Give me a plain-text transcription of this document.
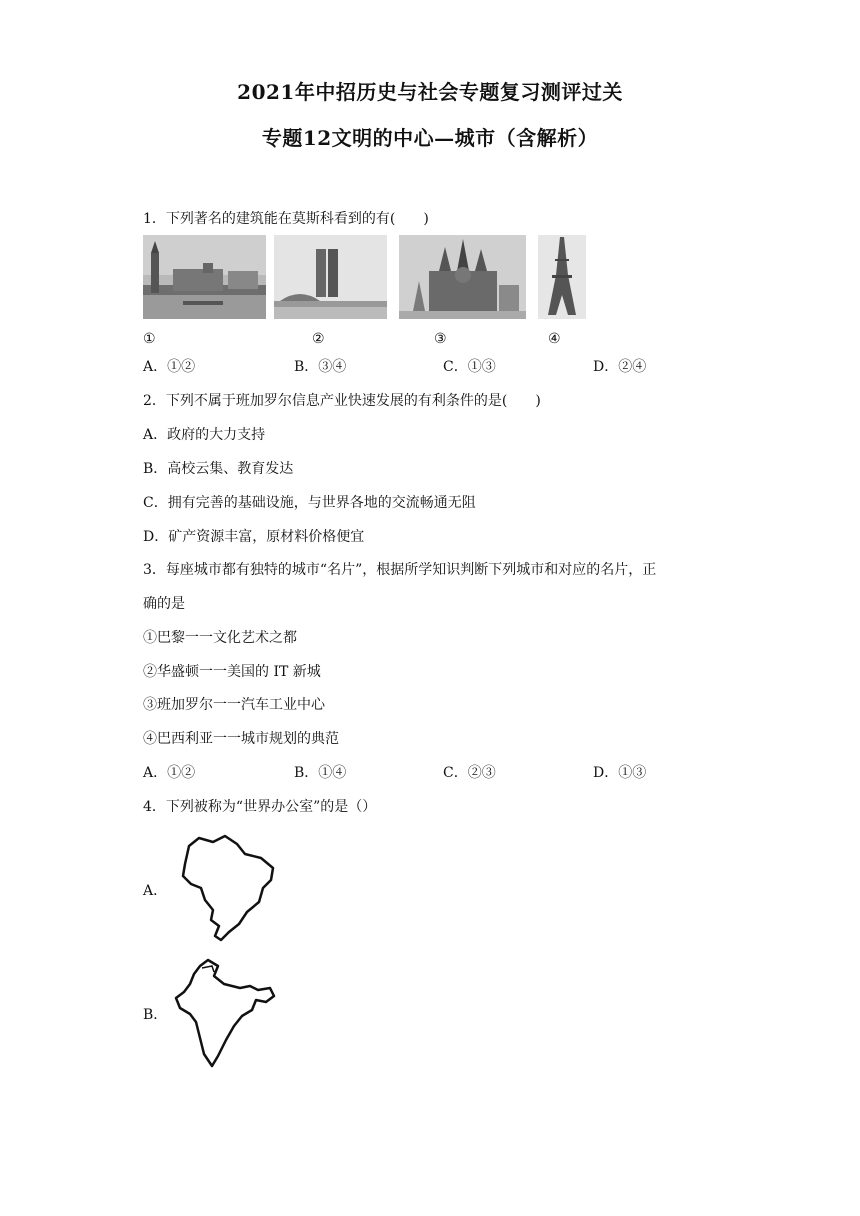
2021年中招历史与社会专题复习测评过关
专题12文明的中心—城市（含解析）
1．下列著名的建筑能在莫斯科看到的有(　　)
①	②	③	④
A．①②	B．③④	C．①③	D．②④
2．下列不属于班加罗尔信息产业快速发展的有利条件的是(　　)
A．政府的大力支持
B．高校云集、教育发达
C．拥有完善的基础设施，与世界各地的交流畅通无阻
D．矿产资源丰富，原材料价格便宜
3．每座城市都有独特的城市“名片”，根据所学知识判断下列城市和对应的名片，正
确的是
①巴黎一一文化艺术之都
②华盛顿一一美国的 IT 新城
③班加罗尔一一汽车工业中心
④巴西利亚一一城市规划的典范
A．①②	B．①④	C．②③	D．①③
4．下列被称为“世界办公室”的是（）
A．
B．
